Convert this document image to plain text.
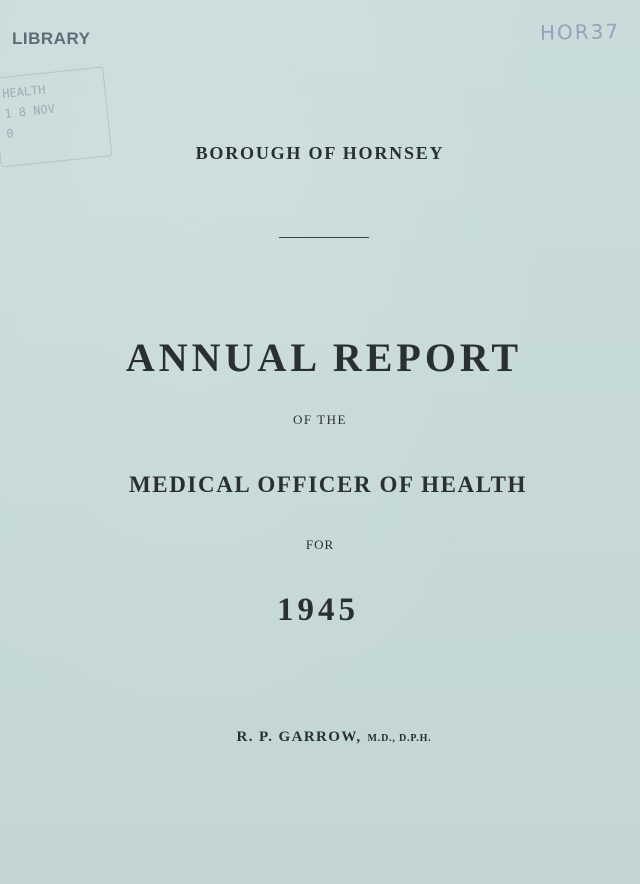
LIBRARY	HOR37
HEALTH
1 8 NOV
0
BOROUGH OF HORNSEY
ANNUAL REPORT
OF THE
MEDICAL OFFICER OF HEALTH
FOR
1945
R. P. GARROW, M.D., D.P.H.
